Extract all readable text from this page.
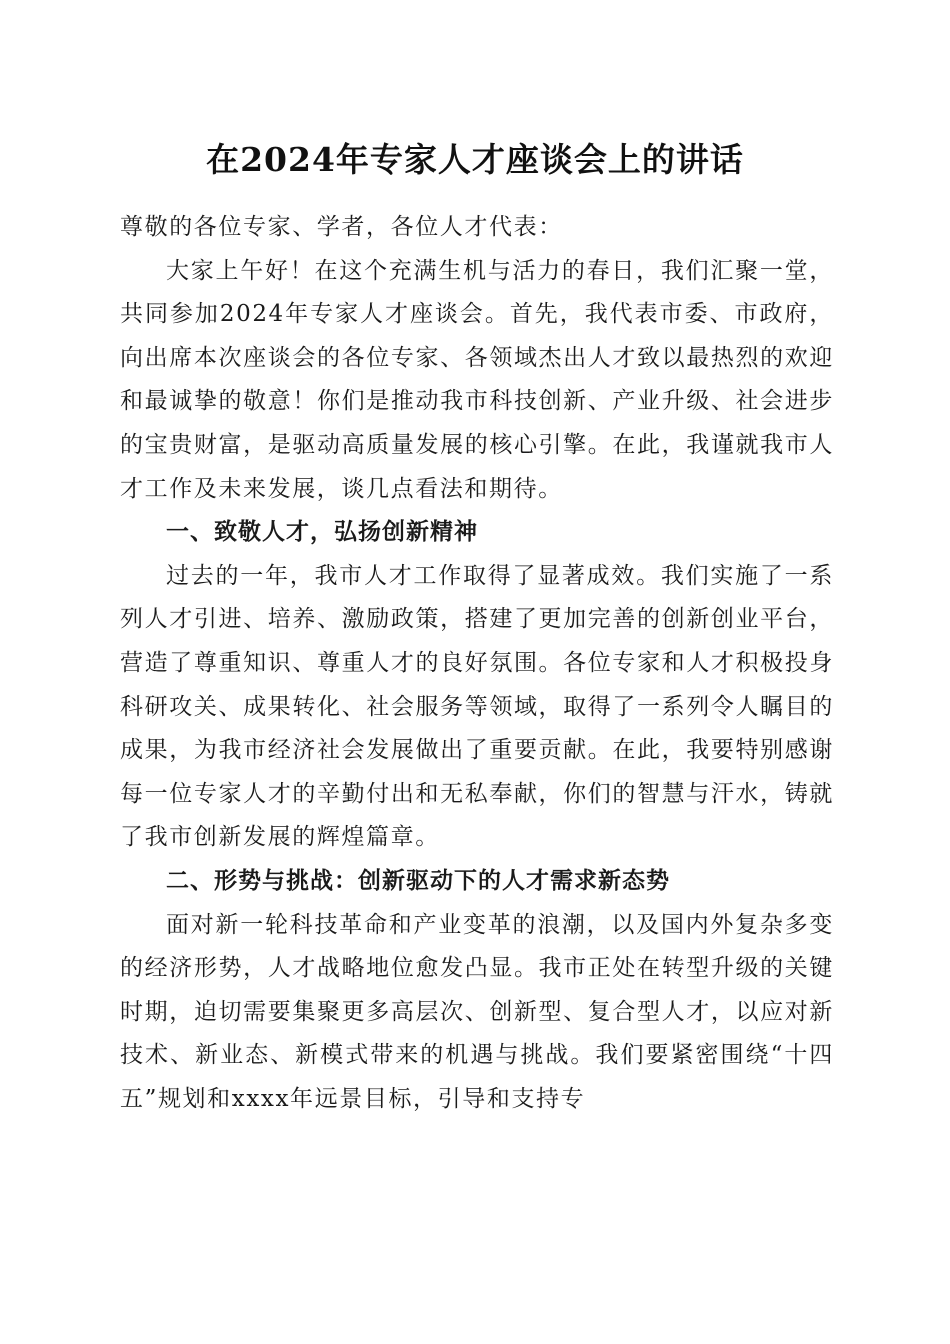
在2024年专家人才座谈会上的讲话

尊敬的各位专家、学者，各位人才代表：

大家上午好！在这个充满生机与活力的春日，我们汇聚一堂，共同参加2024年专家人才座谈会。首先，我代表市委、市政府，向出席本次座谈会的各位专家、各领域杰出人才致以最热烈的欢迎和最诚挚的敬意！你们是推动我市科技创新、产业升级、社会进步的宝贵财富，是驱动高质量发展的核心引擎。在此，我谨就我市人才工作及未来发展，谈几点看法和期待。

一、致敬人才，弘扬创新精神

过去的一年，我市人才工作取得了显著成效。我们实施了一系列人才引进、培养、激励政策，搭建了更加完善的创新创业平台，营造了尊重知识、尊重人才的良好氛围。各位专家和人才积极投身科研攻关、成果转化、社会服务等领域，取得了一系列令人瞩目的成果，为我市经济社会发展做出了重要贡献。在此，我要特别感谢每一位专家人才的辛勤付出和无私奉献，你们的智慧与汗水，铸就了我市创新发展的辉煌篇章。

二、形势与挑战：创新驱动下的人才需求新态势

面对新一轮科技革命和产业变革的浪潮，以及国内外复杂多变的经济形势，人才战略地位愈发凸显。我市正处在转型升级的关键时期，迫切需要集聚更多高层次、创新型、复合型人才，以应对新技术、新业态、新模式带来的机遇与挑战。我们要紧密围绕“十四五”规划和xxxx年远景目标，引导和支持专
